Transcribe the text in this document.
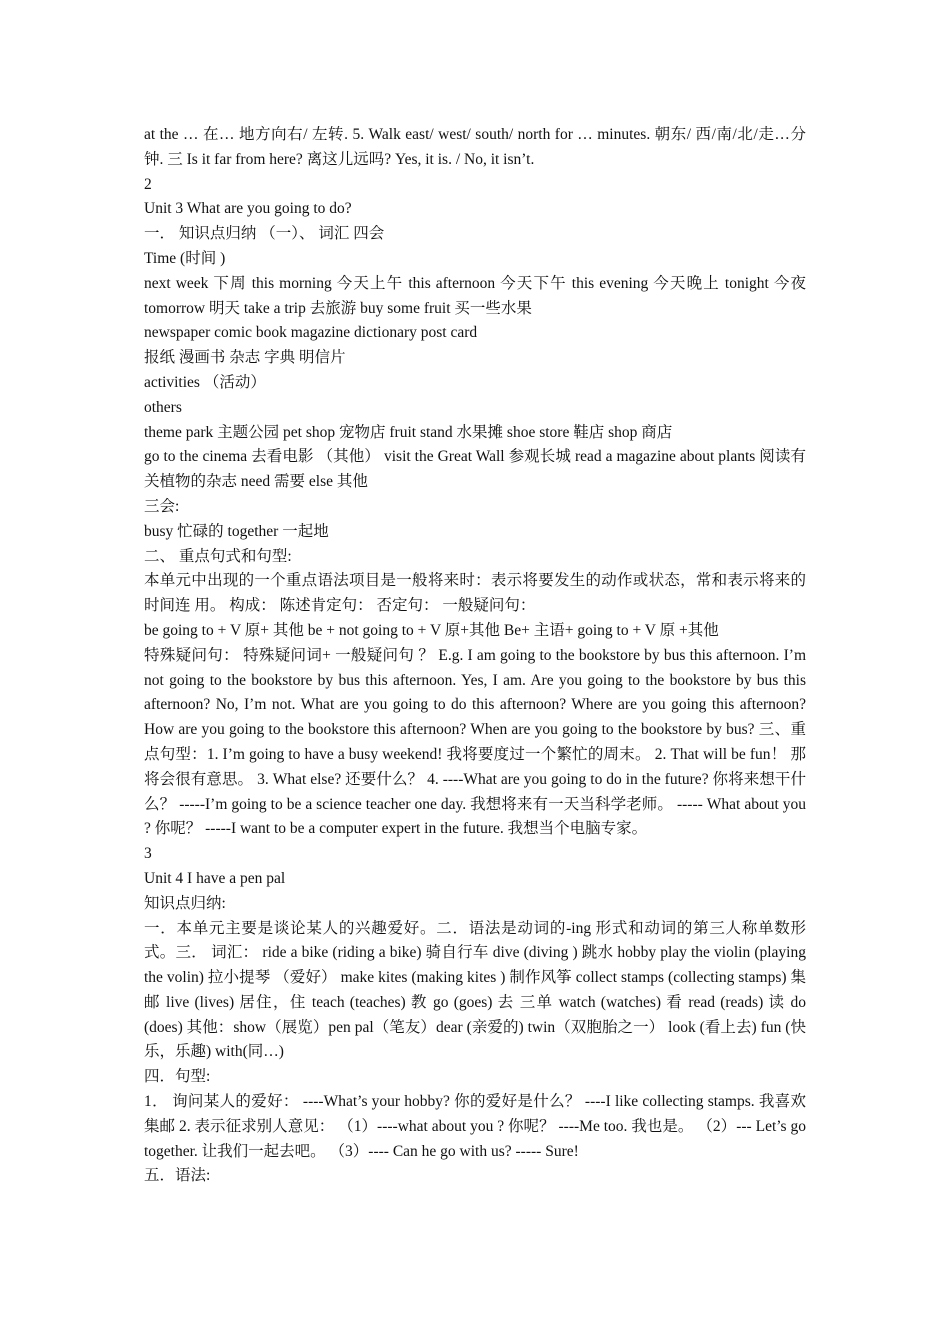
at the … 在… 地方向右/ 左转. 5. Walk east/ west/ south/ north for … minutes. 朝东/ 西/南/北/走…分钟. 三 Is it far from here? 离这儿远吗? Yes, it is. / No, it isn’t.

2

Unit 3 What are you going to do?

一． 知识点归纳 （一）、 词汇 四会

Time (时间 )

next week 下周 this morning 今天上午 this afternoon 今天下午 this evening 今天晚上 tonight 今夜 tomorrow 明天 take a trip 去旅游 buy some fruit 买一些水果

newspaper comic book magazine dictionary post card

报纸 漫画书 杂志 字典 明信片

activities （活动）

others

theme park 主题公园 pet shop 宠物店 fruit stand 水果摊 shoe store 鞋店 shop 商店

go to the cinema 去看电影 （其他） visit the Great Wall 参观长城 read a magazine about plants 阅读有关植物的杂志 need 需要 else 其他

三会:

busy 忙碌的 together 一起地

二、 重点句式和句型:

本单元中出现的一个重点语法项目是一般将来时：表示将要发生的动作或状态，常和表示将来的时间连 用。 构成： 陈述肯定句： 否定句： 一般疑问句：

be going to + V 原+ 其他 be + not going to + V 原+其他 Be+ 主语+ going to + V 原 +其他

特殊疑问句： 特殊疑问词+ 一般疑问句 ？ E.g. I am going to the bookstore by bus this afternoon. I’m not going to the bookstore by bus this afternoon. Yes, I am. Are you going to the bookstore by bus this afternoon? No, I’m not. What are you going to do this afternoon? Where are you going this afternoon? How are you going to the bookstore this afternoon? When are you going to the bookstore by bus? 三、重点句型：1. I’m going to have a busy weekend! 我将要度过一个繁忙的周末。 2. That will be fun！ 那将会很有意思。 3. What else? 还要什么？ 4. ----What are you going to do in the future? 你将来想干什么？ -----I’m going to be a science teacher one day. 我想将来有一天当科学老师。 ----- What about you ? 你呢？ -----I want to be a computer expert in the future. 我想当个电脑专家。

3

Unit 4 I have a pen pal

知识点归纳:

一．本单元主要是谈论某人的兴趣爱好。二．语法是动词的-ing 形式和动词的第三人称单数形式。三． 词汇： ride a bike (riding a bike) 骑自行车 dive (diving ) 跳水 hobby play the violin (playing the volin) 拉小提琴 （爱好） make kites (making kites ) 制作风筝 collect stamps (collecting stamps) 集邮 live (lives) 居住，住 teach (teaches) 教 go (goes) 去 三单 watch (watches) 看 read (reads) 读 do (does) 其他：show（展览）pen pal（笔友）dear (亲爱的) twin（双胞胎之一） look (看上去) fun (快乐，乐趣) with(同…)

四．句型:

1． 询问某人的爱好： ----What’s your hobby? 你的爱好是什么？ ----I like collecting stamps. 我喜欢集邮 2. 表示征求别人意见： （1）----what about you ? 你呢？ ----Me too. 我也是。 （2）--- Let’s go together. 让我们一起去吧。 （3）---- Can he go with us? ----- Sure!

五．语法:
